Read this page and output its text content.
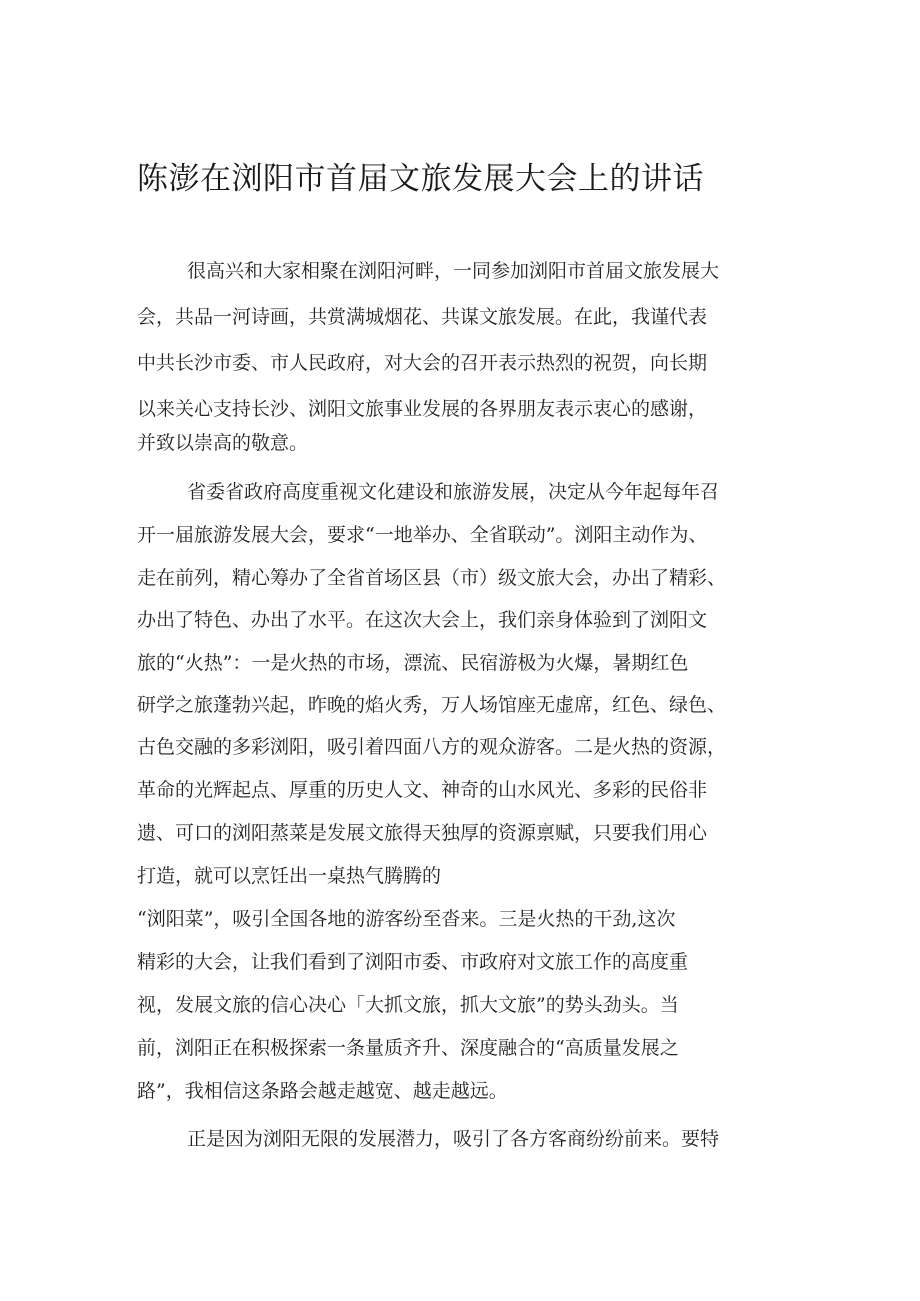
陈澎在浏阳市首届文旅发展大会上的讲话

很高兴和大家相聚在浏阳河畔，一同参加浏阳市首届文旅发展大

会，共品一河诗画，共赏满城烟花、共谋文旅发展。在此，我谨代表

中共长沙市委、市人民政府，对大会的召开表示热烈的祝贺，向长期

以来关心支持长沙、浏阳文旅事业发展的各界朋友表示衷心的感谢，

并致以崇高的敬意。

省委省政府高度重视文化建设和旅游发展，决定从今年起每年召

开一届旅游发展大会，要求“一地举办、全省联动”。浏阳主动作为、

走在前列，精心筹办了全省首场区县（市）级文旅大会，办出了精彩、

办出了特色、办出了水平。在这次大会上，我们亲身体验到了浏阳文

旅的“火热”：一是火热的市场，漂流、民宿游极为火爆，暑期红色

研学之旅蓬勃兴起，昨晚的焰火秀，万人场馆座无虚席，红色、绿色、

古色交融的多彩浏阳，吸引着四面八方的观众游客。二是火热的资源，

革命的光辉起点、厚重的历史人文、神奇的山水风光、多彩的民俗非

遗、可口的浏阳蒸菜是发展文旅得天独厚的资源禀赋，只要我们用心

打造，就可以烹饪出一桌热气腾腾的

“浏阳菜”，吸引全国各地的游客纷至沓来。三是火热的干劲,这次

精彩的大会，让我们看到了浏阳市委、市政府对文旅工作的高度重

视，发展文旅的信心决心「大抓文旅，抓大文旅”的势头劲头。当

前，浏阳正在积极探索一条量质齐升、深度融合的“高质量发展之

路”，我相信这条路会越走越宽、越走越远。

正是因为浏阳无限的发展潜力，吸引了各方客商纷纷前来。要特
